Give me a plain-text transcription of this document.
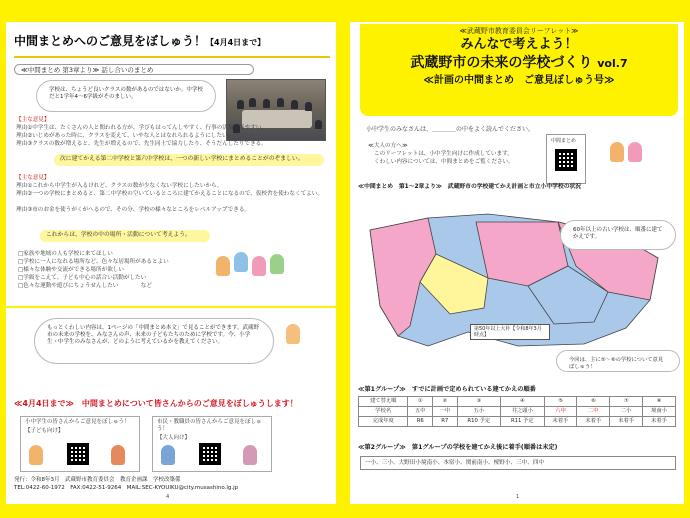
中間まとめへのご意見をぼしゅう！【4月4日まで】
≪中間まとめ 第3章より≫ 話し合いのまとめ
学校は、ちょうど良いクラスの数があるのではないか。中学校だと1学年4～6学級がそのましい。
【主な意見】
理由①中学生は、たくさんの人と関われる方が、学びもはってんしやすく、行事の活気もでやすい。
理由②いじめがあった時に、クラスを変えて、いやな人とはなれられるようにしたい。
理由③クラスの数が増えると、先生が増えるので、先生同士で協力したり、そうだんしたりできる。
次に建てかえる第二中学校と第六中学校は、一つの新しい学校にまとめることがのぞましい。
【主な意見】
理由①これから中学生が入るけれど、クラスの数が少なくない学校にしたいから。
理由②一つの学校にまとめると、第二中学校の空いているところに建てかえることになるので、仮校舎を使わなくてよい。
理由③市のお金を使うがくがへるので、その分、学校の様々なところをレベルアップできる。
これからは、学校の中の場所・活動について考えよう。
□家族や地域の人も学校に来てほしい
□学校に一人になれる場所など、色々な居場所があるとよい
□様々な体験や交流ができる場所が欲しい
□学級をこえて、子ども中心の話合い活動がしたい
□色々な運動や遊びにちょうせんしたい　　　　など
もっとくわしい内容は、1ページの「中間まとめ本文」で見ることができます。武蔵野市の未来の学校を、みなさんの声、未来の子どもたちのために学校です。今、小学生・中学生のみなさんが、どのように考えているかを教えてください。
≪4月4日まで≫　中間まとめについて皆さんからのご意見をぼしゅうします！
小中学生の皆さんからご意見をぼしゅう！
【子ども向け】
市民・教職員の皆さんからご意見をぼしゅう！
【大人向け】
発行：令和8年3月　武蔵野市教育委員会　教育企画課　学校改築係
TEL:0422-60-1972　FAX:0422-51-9264　MAIL:SEC-KYOUIKU@city.musashino.lg.jp
4
≪武蔵野市教育委員会リーフレット≫
みんなで考えよう！
武蔵野市の未来の学校づくり vol.7
≪計画の中間まとめ　ご意見ぼしゅう号≫
小中学生のみなさんは、＿＿＿＿の中をよく読んでください。
≪大人の方へ≫
このリーフレットは、小中学生向けに作成しています。
くわしい内容については、中間まとめをご覧ください。
中間まとめ
≪中間まとめ　第1～2章より≫　武蔵野市の学校建てかえ計画と市立小中学校の状況
60年以上の古い学校は、順番に建てかえです。
第50年以上大朴【令和8年3月時点】
今回は、主に⑤～⑥の学校について意見ぼしゅう！
≪第1グループ≫　すでに計画で定められている建てかえの順番
建て替え順	①	②	③	④	⑤	⑥	⑦	⑧
学校名	五中	一中	五小	井之頭小	六中	二中	二小	境南小
完成年度	R6	R7	R10 予定	R11 予定	未着手	未着手	未着手	未着手
≪第2グループ≫　第1グループの学校を建てかえ後に着手(順番は未定)
一小、三小、大野田小境南小、本宿小、関前南小、桜野小、三中、四中
1
